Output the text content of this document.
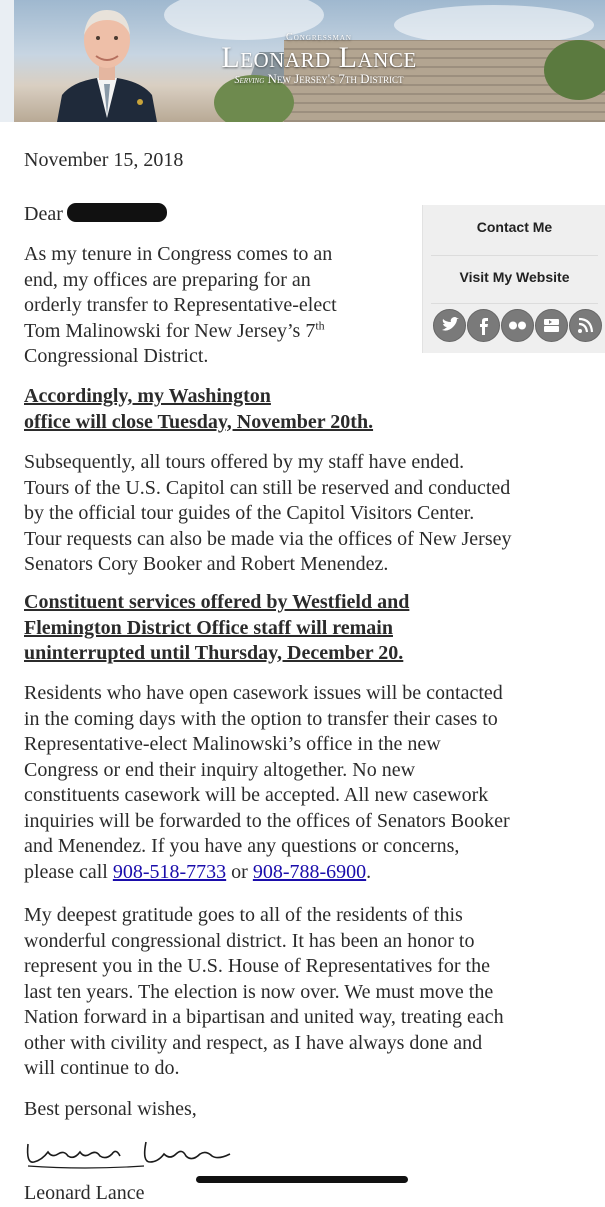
Congressman
Leonard Lance
Serving New Jersey's 7th District
November 15, 2018
Dear
As my tenure in Congress comes to an
end, my offices are preparing for an
orderly transfer to Representative-elect
Tom Malinowski for New Jersey’s 7th
Congressional District.
Accordingly, my Washington
office will close Tuesday, November 20th.
Subsequently, all tours offered by my staff have ended.
Tours of the U.S. Capitol can still be reserved and conducted
by the official tour guides of the Capitol Visitors Center.
Tour requests can also be made via the offices of New Jersey
Senators Cory Booker and Robert Menendez.
Constituent services offered by Westfield and
Flemington District Office staff will remain
uninterrupted until Thursday, December 20.
Residents who have open casework issues will be contacted
in the coming days with the option to transfer their cases to
Representative-elect Malinowski’s office in the new
Congress or end their inquiry altogether. No new
constituents casework will be accepted. All new casework
inquiries will be forwarded to the offices of Senators Booker
and Menendez. If you have any questions or concerns,
please call 908-518-7733 or 908-788-6900.
My deepest gratitude goes to all of the residents of this
wonderful congressional district. It has been an honor to
represent you in the U.S. House of Representatives for the
last ten years. The election is now over. We must move the
Nation forward in a bipartisan and united way, treating each
other with civility and respect, as I have always done and
will continue to do.
Best personal wishes,
Leonard Lance
Contact Me
Visit My Website
